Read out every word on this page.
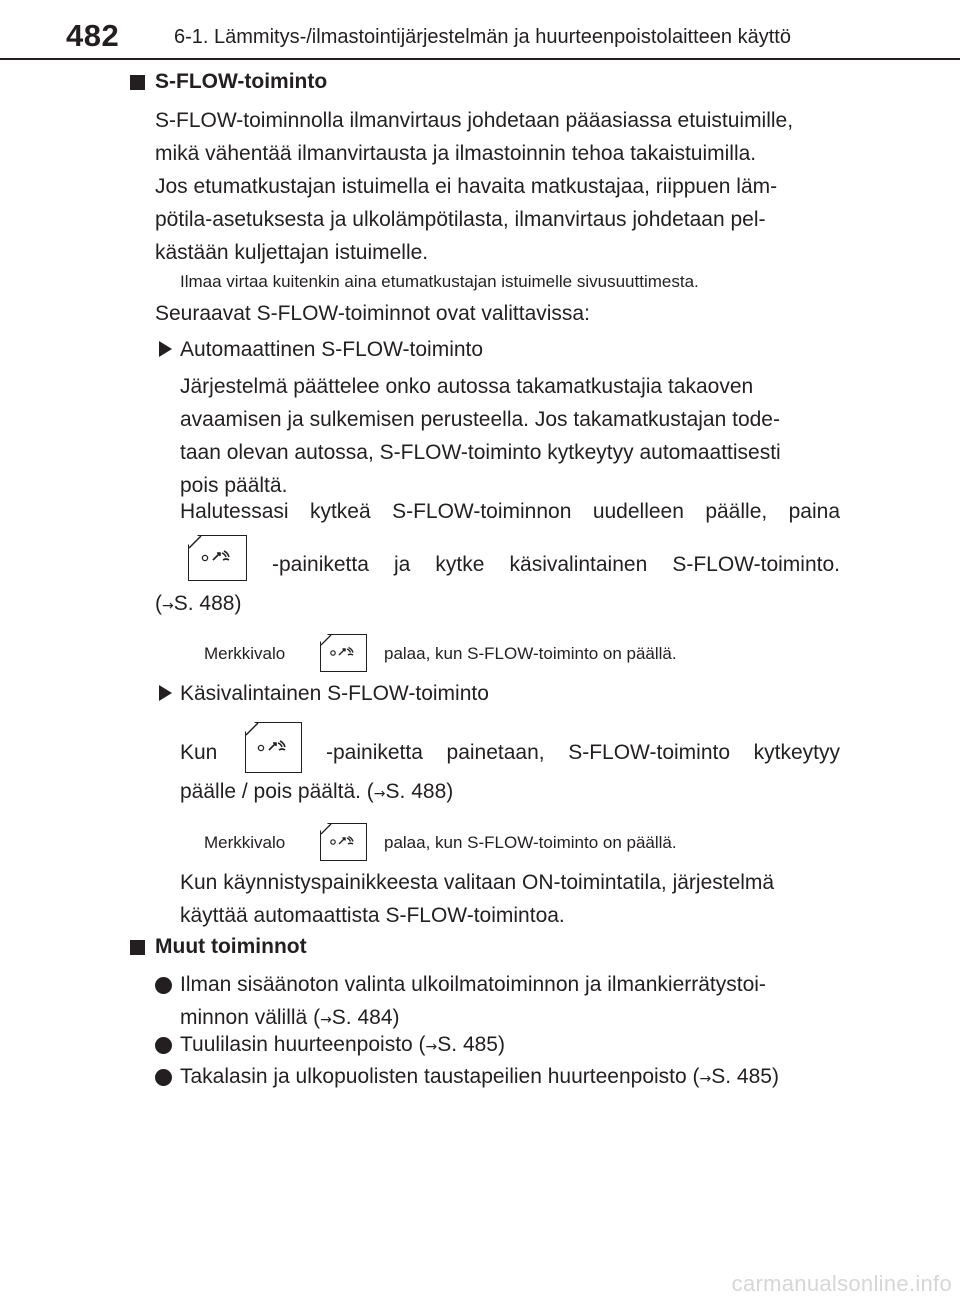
482	6-1. Lämmitys-/ilmastointijärjestelmän ja huurteenpoistolaitteen käyttö
S-FLOW-toiminto
S-FLOW-toiminnolla ilmanvirtaus johdetaan pääasiassa etuistuimille,
mikä vähentää ilmanvirtausta ja ilmastoinnin tehoa takaistuimilla.
Jos etumatkustajan istuimella ei havaita matkustajaa, riippuen läm-
pötila-asetuksesta ja ulkolämpötilasta, ilmanvirtaus johdetaan pel-
kästään kuljettajan istuimelle.
Ilmaa virtaa kuitenkin aina etumatkustajan istuimelle sivusuuttimesta.
Seuraavat S-FLOW-toiminnot ovat valittavissa:
Automaattinen S-FLOW-toiminto
Järjestelmä päättelee onko autossa takamatkustajia takaoven
avaamisen ja sulkemisen perusteella. Jos takamatkustajan tode-
taan olevan autossa, S-FLOW-toiminto kytkeytyy automaattisesti
pois päältä.
Halutessasi kytkeä S-FLOW-toiminnon uudelleen päälle, paina
-painiketta ja kytke käsivalintainen S-FLOW-toiminto.
(→S. 488)
Merkkivalo	palaa, kun S-FLOW-toiminto on päällä.
Käsivalintainen S-FLOW-toiminto
Kun	-painiketta painetaan, S-FLOW-toiminto kytkeytyy
päälle / pois päältä. (→S. 488)
Merkkivalo	palaa, kun S-FLOW-toiminto on päällä.
Kun käynnistyspainikkeesta valitaan ON-toimintatila, järjestelmä
käyttää automaattista S-FLOW-toimintoa.
Muut toiminnot
Ilman sisäänoton valinta ulkoilmatoiminnon ja ilmankierrätystoi-
minnon välillä (→S. 484)
Tuulilasin huurteenpoisto (→S. 485)
Takalasin ja ulkopuolisten taustapeilien huurteenpoisto (→S. 485)
carmanualsonline.info
